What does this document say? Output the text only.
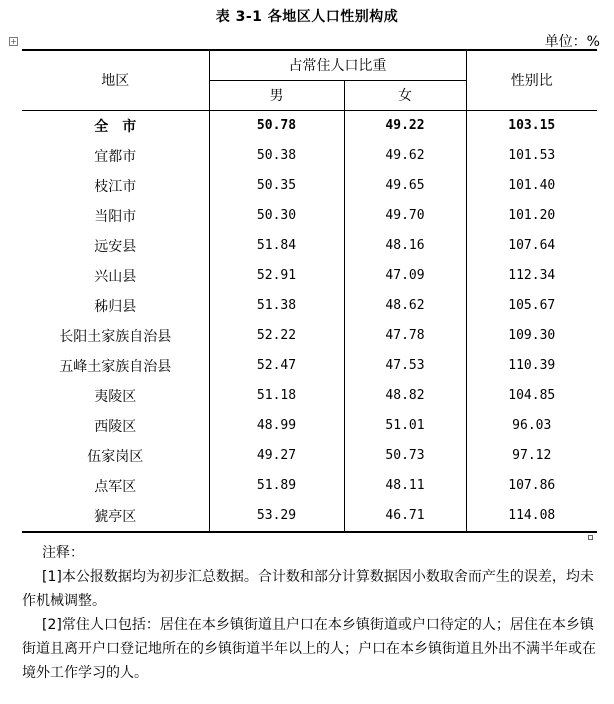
表 3-1 各地区人口性别构成
+	单位：%
地区	占常住人口比重		性别比
	男	女	
全　市	50.78	49.22	103.15
宜都市	50.38	49.62	101.53
枝江市	50.35	49.65	101.40
当阳市	50.30	49.70	101.20
远安县	51.84	48.16	107.64
兴山县	52.91	47.09	112.34
秭归县	51.38	48.62	105.67
长阳土家族自治县	52.22	47.78	109.30
五峰土家族自治县	52.47	47.53	110.39
夷陵区	51.18	48.82	104.85
西陵区	48.99	51.01	96.03
伍家岗区	49.27	50.73	97.12
点军区	51.89	48.11	107.86
猇亭区	53.29	46.71	114.08

注释：

[1]本公报数据均为初步汇总数据。合计数和部分计算数据因小数取舍而产生的误差，均未作机械调整。

[2]常住人口包括：居住在本乡镇街道且户口在本乡镇街道或户口待定的人；居住在本乡镇街道且离开户口登记地所在的乡镇街道半年以上的人；户口在本乡镇街道且外出不满半年或在境外工作学习的人。
